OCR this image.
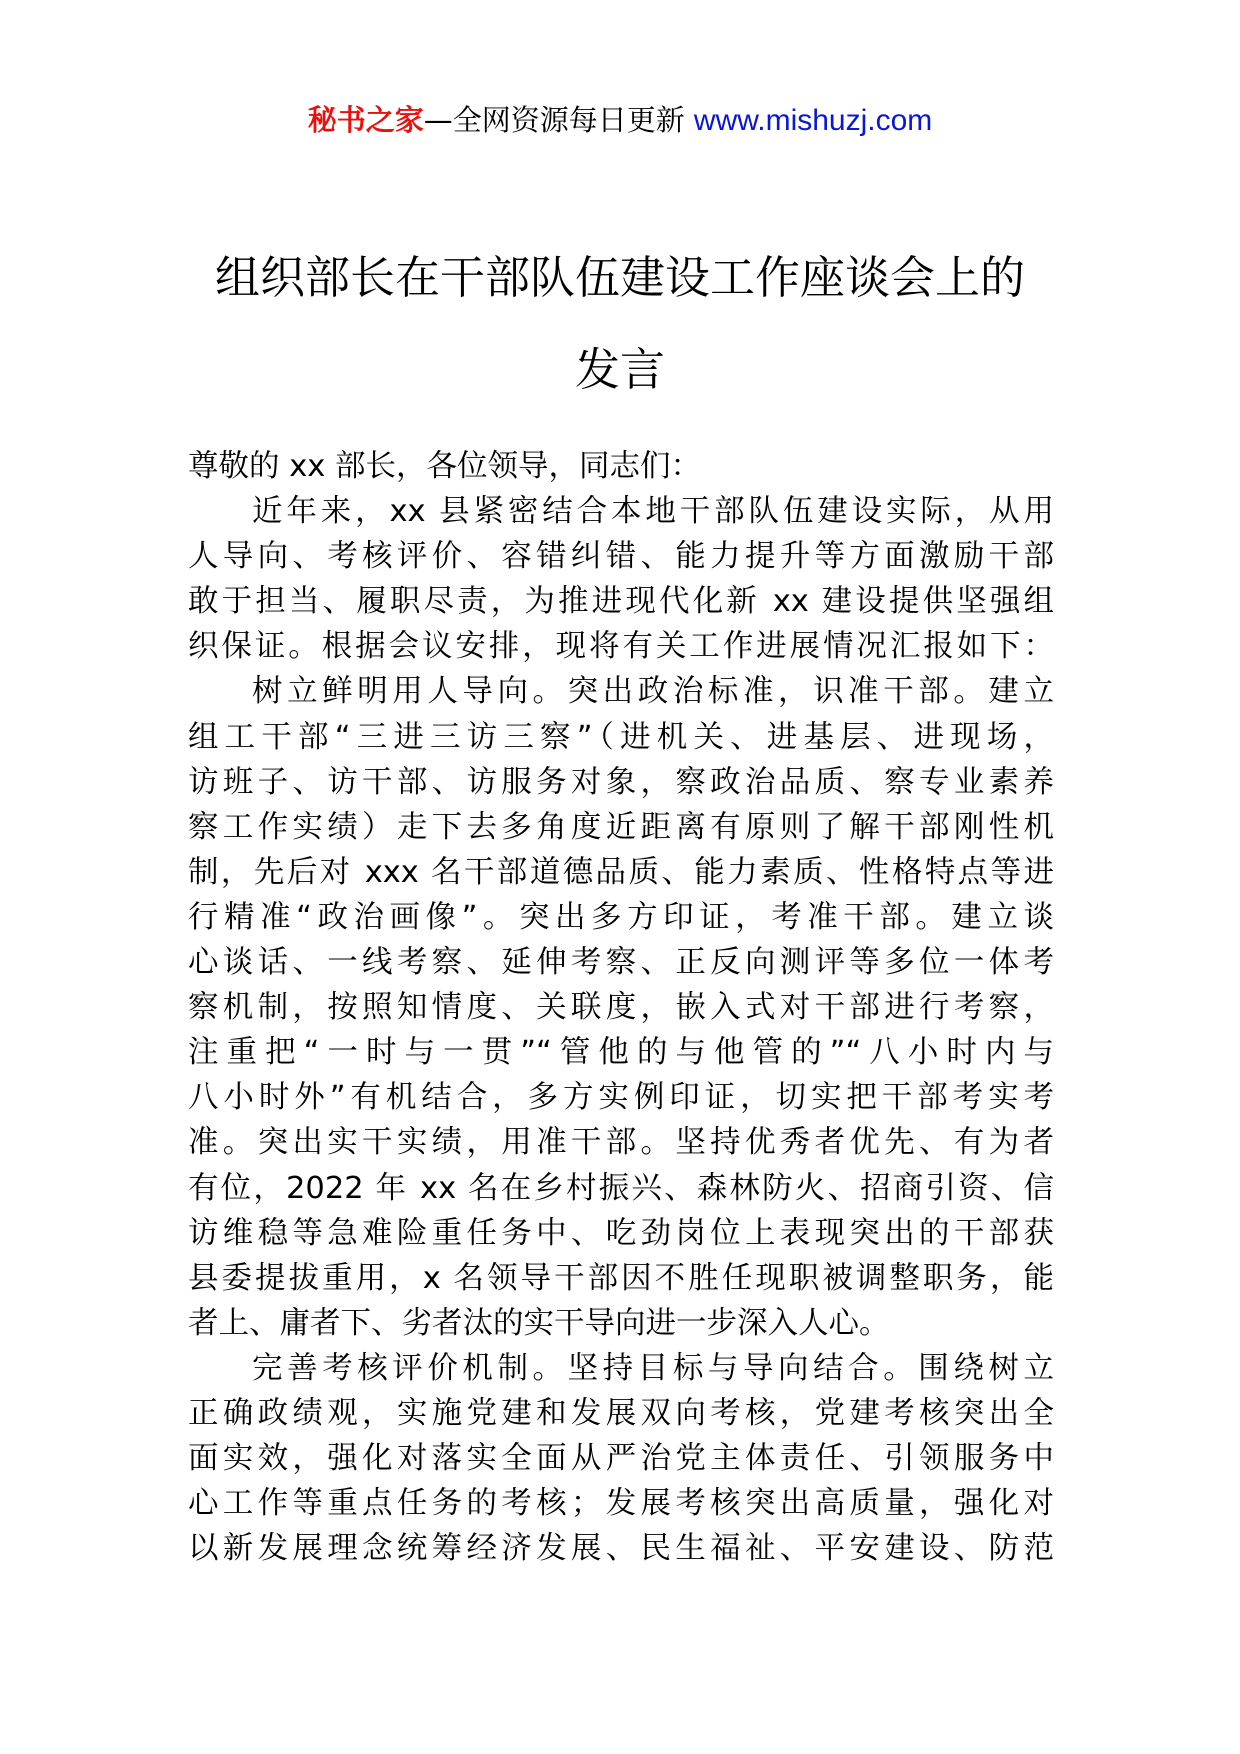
秘书之家—全网资源每日更新 www.mishuzj.com
组织部长在干部队伍建设工作座谈会上的
发言

尊敬的 xx 部长，各位领导，同志们：

近年来，xx 县紧密结合本地干部队伍建设实际，从用
人导向、考核评价、容错纠错、能力提升等方面激励干部
敢于担当、履职尽责，为推进现代化新 xx 建设提供坚强组
织保证。根据会议安排，现将有关工作进展情况汇报如下：

树立鲜明用人导向。突出政治标准，识准干部。建立
组工干部“三进三访三察”（进机关、进基层、进现场，
访班子、访干部、访服务对象，察政治品质、察专业素养
察工作实绩）走下去多角度近距离有原则了解干部刚性机
制，先后对 xxx 名干部道德品质、能力素质、性格特点等进
行精准“政治画像”。突出多方印证，考准干部。建立谈
心谈话、一线考察、延伸考察、正反向测评等多位一体考
察机制，按照知情度、关联度，嵌入式对干部进行考察，
注重把“一时与一贯”“管他的与他管的”“八小时内与
八小时外”有机结合，多方实例印证，切实把干部考实考
准。突出实干实绩，用准干部。坚持优秀者优先、有为者
有位，2022 年 xx 名在乡村振兴、森林防火、招商引资、信
访维稳等急难险重任务中、吃劲岗位上表现突出的干部获
县委提拔重用，x 名领导干部因不胜任现职被调整职务，能
者上、庸者下、劣者汰的实干导向进一步深入人心。

完善考核评价机制。坚持目标与导向结合。围绕树立
正确政绩观，实施党建和发展双向考核，党建考核突出全
面实效，强化对落实全面从严治党主体责任、引领服务中
心工作等重点任务的考核；发展考核突出高质量，强化对
以新发展理念统筹经济发展、民生福祉、平安建设、防范
